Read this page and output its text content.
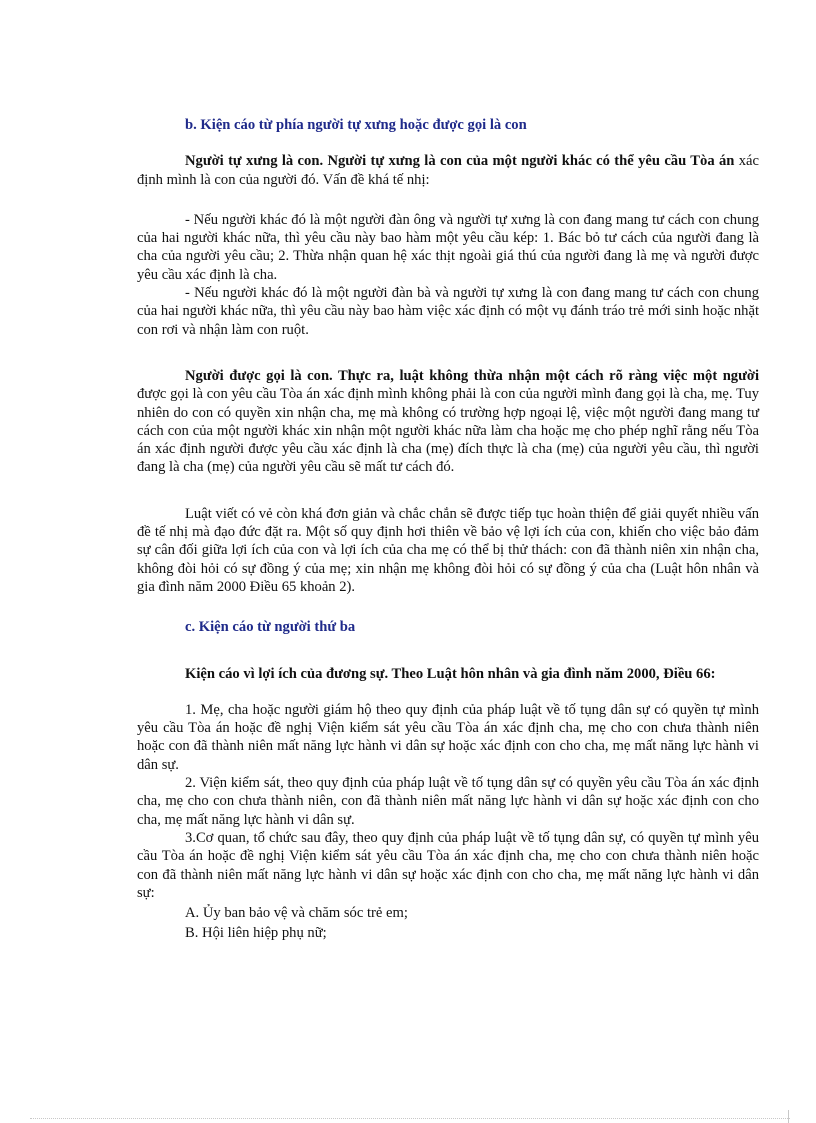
b. Kiện cáo từ phía người tự xưng hoặc được gọi là con

Người tự xưng là con. Người tự xưng là con của một người khác có thể yêu cầu Tòa án xác định mình là con của người đó. Vấn đề khá tế nhị:

- Nếu người khác đó là một người đàn ông và người tự xưng là con đang mang tư cách con chung của hai người khác nữa, thì yêu cầu này bao hàm một yêu cầu kép: 1. Bác bỏ tư cách của người đang là cha của người yêu cầu; 2. Thừa nhận quan hệ xác thịt ngoài giá thú của người đang là mẹ và người được yêu cầu xác định là cha.

- Nếu người khác đó là một người đàn bà và người tự xưng là con đang mang tư cách con chung của hai người khác nữa, thì yêu cầu này bao hàm việc xác định có một vụ đánh tráo trẻ mới sinh hoặc nhặt con rơi và nhận làm con ruột.

Người được gọi là con. Thực ra, luật không thừa nhận một cách rõ ràng việc một người được gọi là con yêu cầu Tòa án xác định mình không phải là con của người mình đang gọi là cha, mẹ. Tuy nhiên do con có quyền xin nhận cha, mẹ mà không có trường hợp ngoại lệ, việc một người đang mang tư cách con của một người khác xin nhận một người khác nữa làm cha hoặc mẹ cho phép nghĩ rằng nếu Tòa án xác định người được yêu cầu xác định là cha (mẹ) đích thực là cha (mẹ) của người yêu cầu, thì người đang là cha (mẹ) của người yêu cầu sẽ mất tư cách đó.

Luật viết có vẻ còn khá đơn giản và chắc chắn sẽ được tiếp tục hoàn thiện để giải quyết nhiều vấn đề tế nhị mà đạo đức đặt ra. Một số quy định hơi thiên về bảo vệ lợi ích của con, khiến cho việc bảo đảm sự cân đối giữa lợi ích của con và lợi ích của cha mẹ có thể bị thử thách: con đã thành niên xin nhận cha, không đòi hỏi có sự đồng ý của mẹ; xin nhận mẹ không đòi hỏi có sự đồng ý của cha (Luật hôn nhân và gia đình năm 2000 Điều 65 khoản 2).

c. Kiện cáo từ người thứ ba

Kiện cáo vì lợi ích của đương sự. Theo Luật hôn nhân và gia đình năm 2000, Điều 66:

1. Mẹ, cha hoặc người giám hộ theo quy định của pháp luật về tố tụng dân sự có quyền tự mình yêu cầu Tòa án hoặc đề nghị Viện kiểm sát yêu cầu Tòa án xác định cha, mẹ cho con chưa thành niên hoặc con đã thành niên mất năng lực hành vi dân sự hoặc xác định con cho cha, mẹ mất năng lực hành vi dân sự.

2. Viện kiểm sát, theo quy định của pháp luật về tố tụng dân sự có quyền yêu cầu Tòa án xác định cha, mẹ cho con chưa thành niên, con đã thành niên mất năng lực hành vi dân sự hoặc xác định con cho cha, mẹ mất năng lực hành vi dân sự.

3.Cơ quan, tổ chức sau đây, theo quy định của pháp luật về tố tụng dân sự, có quyền tự mình yêu cầu Tòa án hoặc đề nghị Viện kiểm sát yêu cầu Tòa án xác định cha, mẹ cho con chưa thành niên hoặc con đã thành niên mất năng lực hành vi dân sự hoặc xác định con cho cha, mẹ mất năng lực hành vi dân sự:

A. Ủy ban bảo vệ và chăm sóc trẻ em;

B. Hội liên hiệp phụ nữ;
